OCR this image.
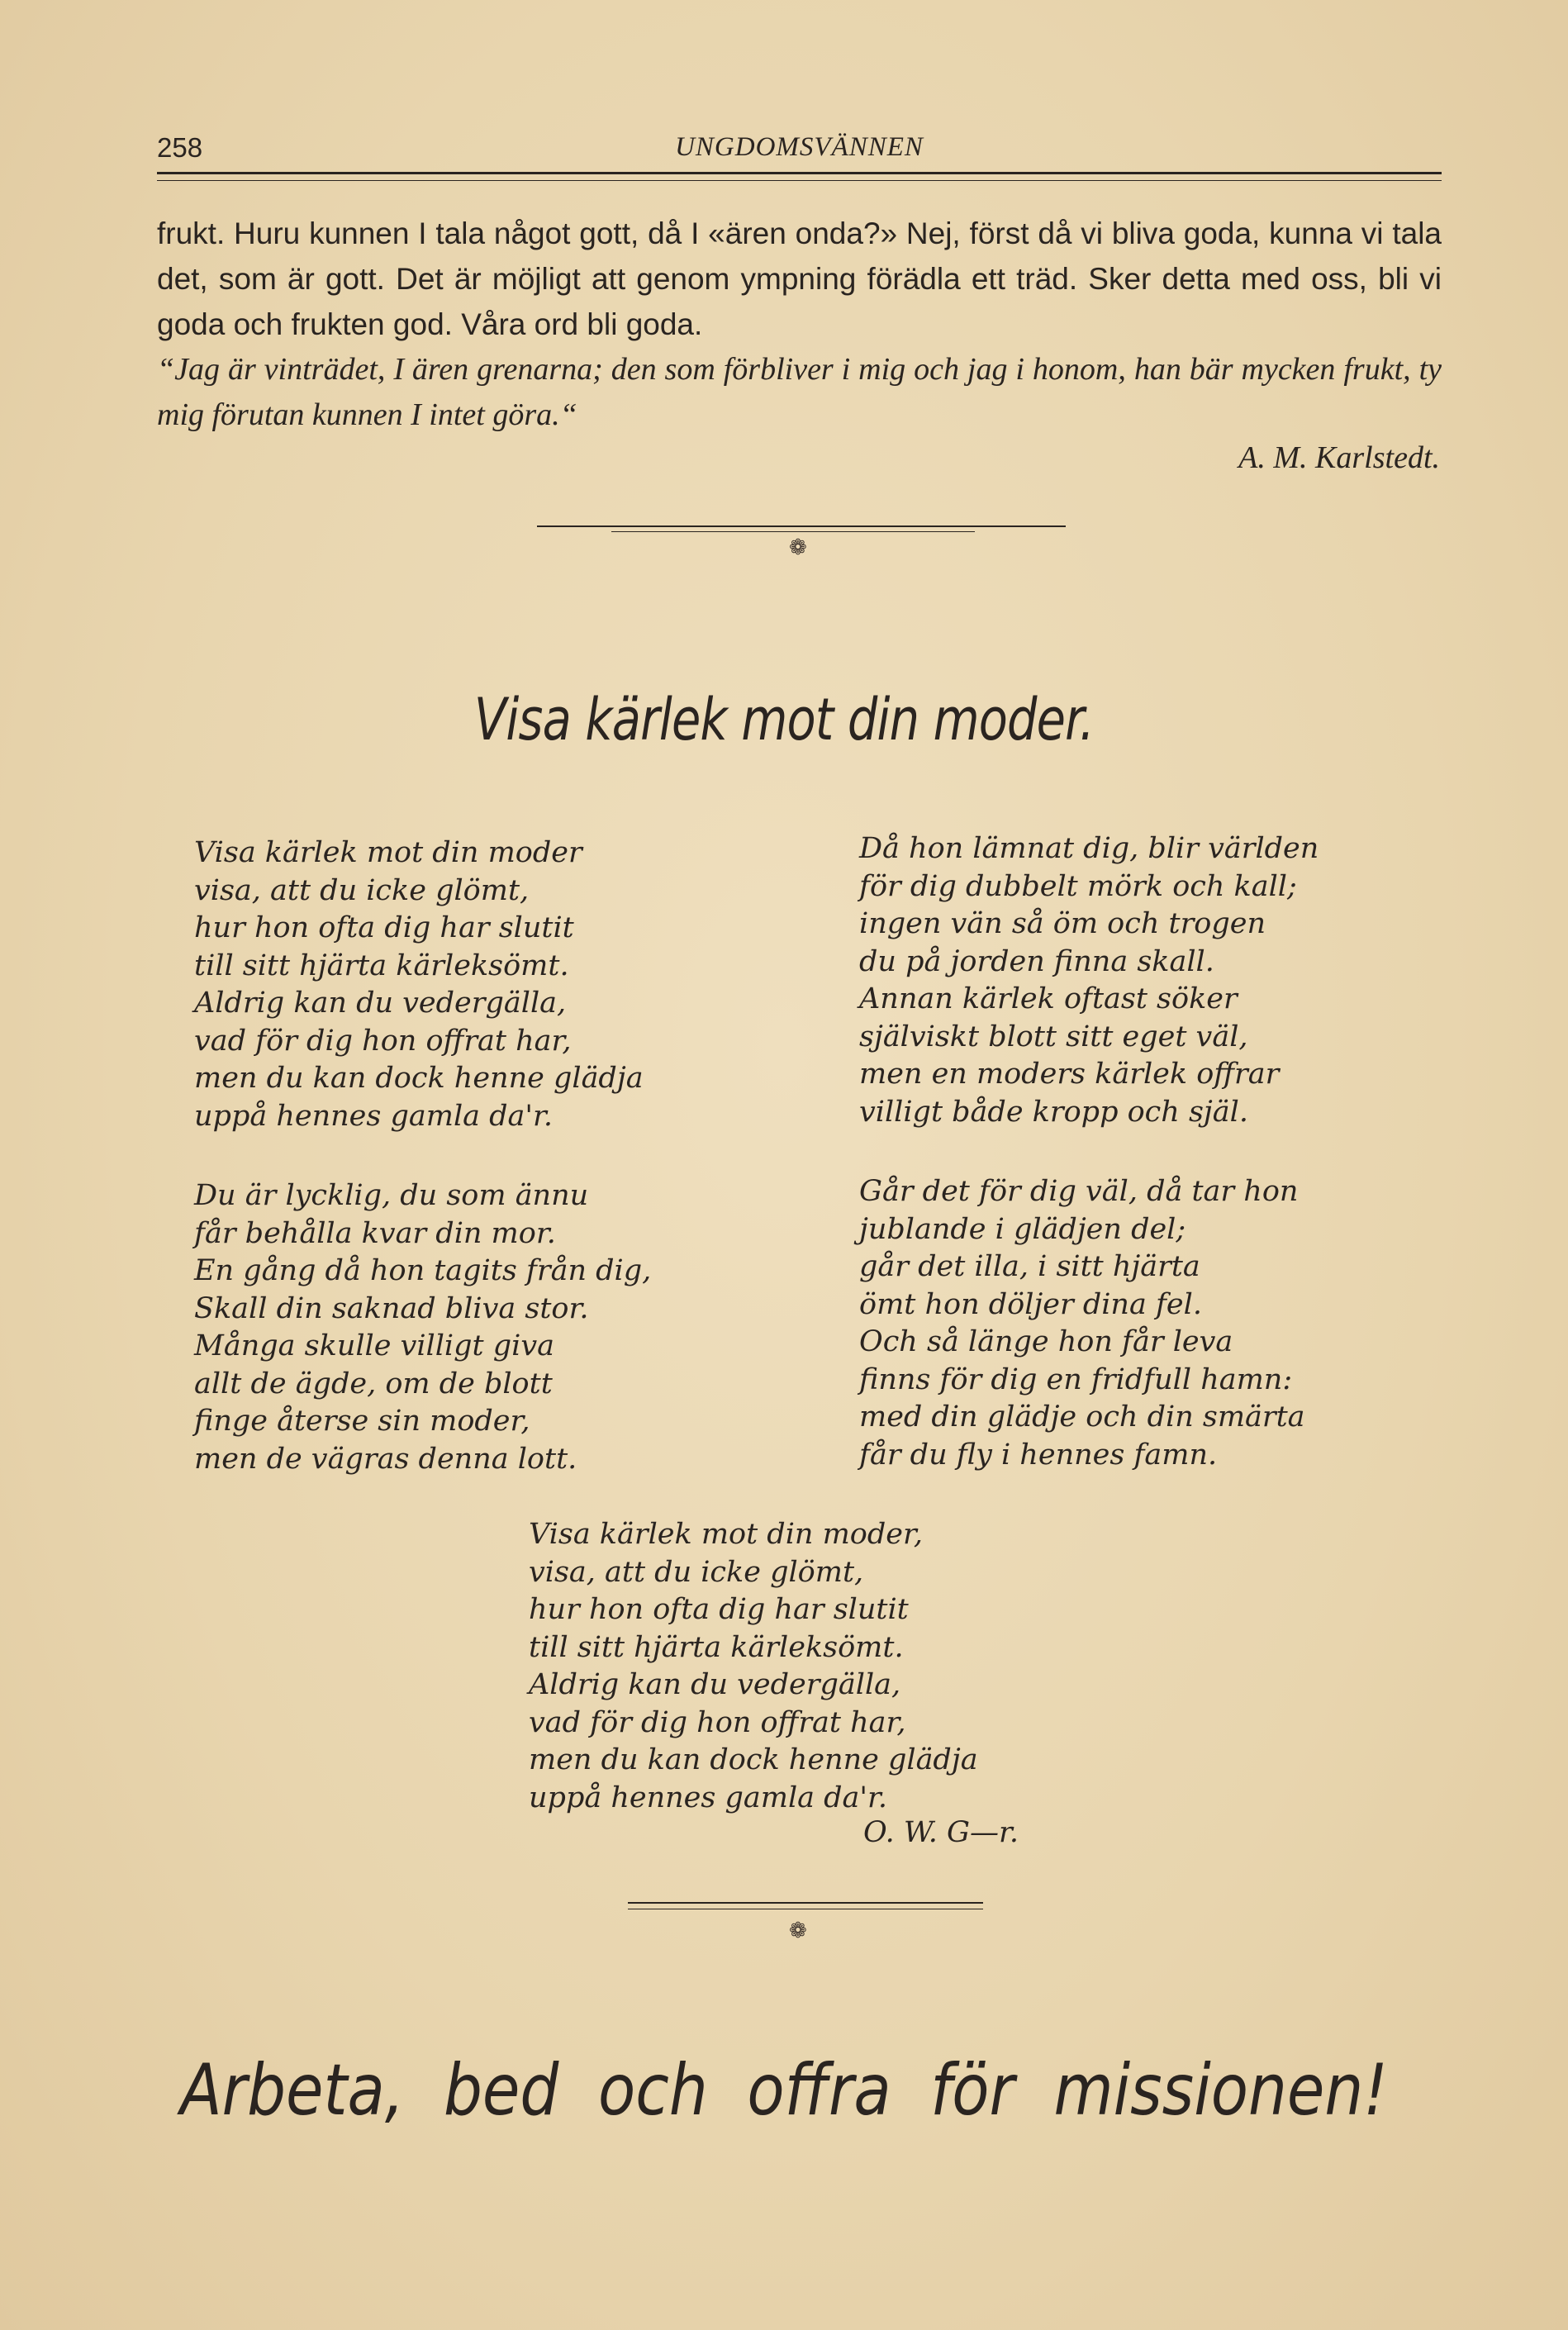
258	UNGDOMSVÄNNEN

frukt. Huru kunnen I tala något gott, då I «ären onda?» Nej, först då vi bliva goda, kunna vi tala det, som är gott. Det är möjligt att genom ympning förädla ett träd. Sker detta med oss, bli vi goda och frukten god. Våra ord bli goda.

“Jag är vinträdet, I ären grenarna; den som förbliver i mig och jag i honom, han bär mycken frukt, ty mig förutan kunnen I intet göra.“

A. M. Karlstedt.
❁
Visa kärlek mot din moder.
Visa kärlek mot din moder
visa, att du icke glömt,
hur hon ofta dig har slutit
till sitt hjärta kärleksömt.
Aldrig kan du vedergälla,
vad för dig hon offrat har,
men du kan dock henne glädja
uppå hennes gamla da'r.
Då hon lämnat dig, blir världen
för dig dubbelt mörk och kall;
ingen vän så öm och trogen
du på jorden finna skall.
Annan kärlek oftast söker
själviskt blott sitt eget väl,
men en moders kärlek offrar
villigt både kropp och själ.
Du är lycklig, du som ännu
får behålla kvar din mor.
En gång då hon tagits från dig,
Skall din saknad bliva stor.
Många skulle villigt giva
allt de ägde, om de blott
finge återse sin moder,
men de vägras denna lott.
Går det för dig väl, då tar hon
jublande i glädjen del;
går det illa, i sitt hjärta
ömt hon döljer dina fel.
Och så länge hon får leva
finns för dig en fridfull hamn:
med din glädje och din smärta
får du fly i hennes famn.
Visa kärlek mot din moder,
visa, att du icke glömt,
hur hon ofta dig har slutit
till sitt hjärta kärleksömt.
Aldrig kan du vedergälla,
vad för dig hon offrat har,
men du kan dock henne glädja
uppå hennes gamla da'r.
O. W. G—r.
❁
Arbeta, bed och offra för missionen!
